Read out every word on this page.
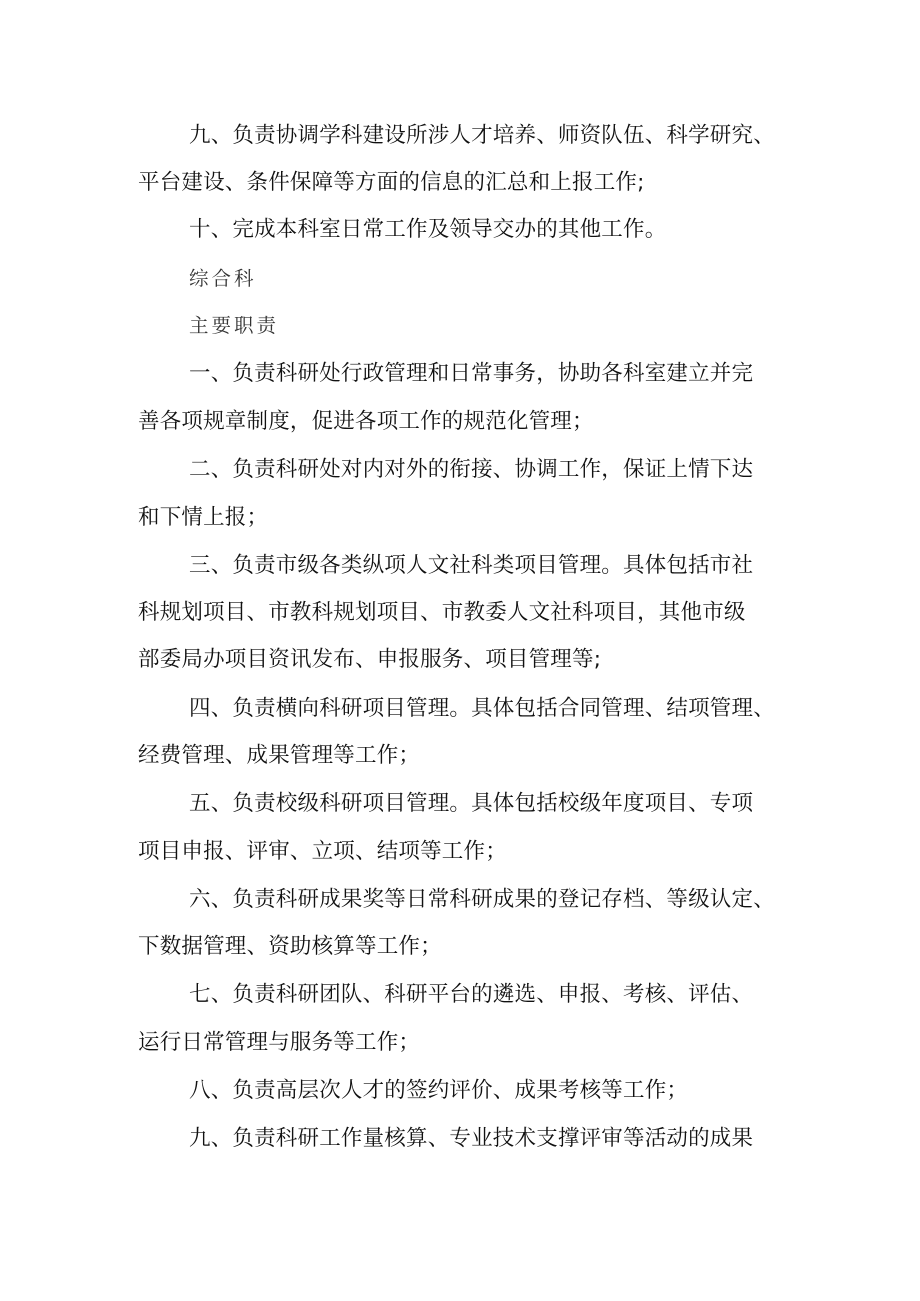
九、负责协调学科建设所涉人才培养、师资队伍、科学研究、
平台建设、条件保障等方面的信息的汇总和上报工作;
十、完成本科室日常工作及领导交办的其他工作。
综合科
主要职责
一、负责科研处行政管理和日常事务，协助各科室建立并完
善各项规章制度，促进各项工作的规范化管理；
二、负责科研处对内对外的衔接、协调工作，保证上情下达
和下情上报；
三、负责市级各类纵项人文社科类项目管理。具体包括市社
科规划项目、市教科规划项目、市教委人文社科项目，其他市级
部委局办项目资讯发布、申报服务、项目管理等;
四、负责横向科研项目管理。具体包括合同管理、结项管理、
经费管理、成果管理等工作；
五、负责校级科研项目管理。具体包括校级年度项目、专项
项目申报、评审、立项、结项等工作；
六、负责科研成果奖等日常科研成果的登记存档、等级认定、
下数据管理、资助核算等工作；
七、负责科研团队、科研平台的遴选、申报、考核、评估、
运行日常管理与服务等工作；
八、负责高层次人才的签约评价、成果考核等工作；
九、负责科研工作量核算、专业技术支撑评审等活动的成果
